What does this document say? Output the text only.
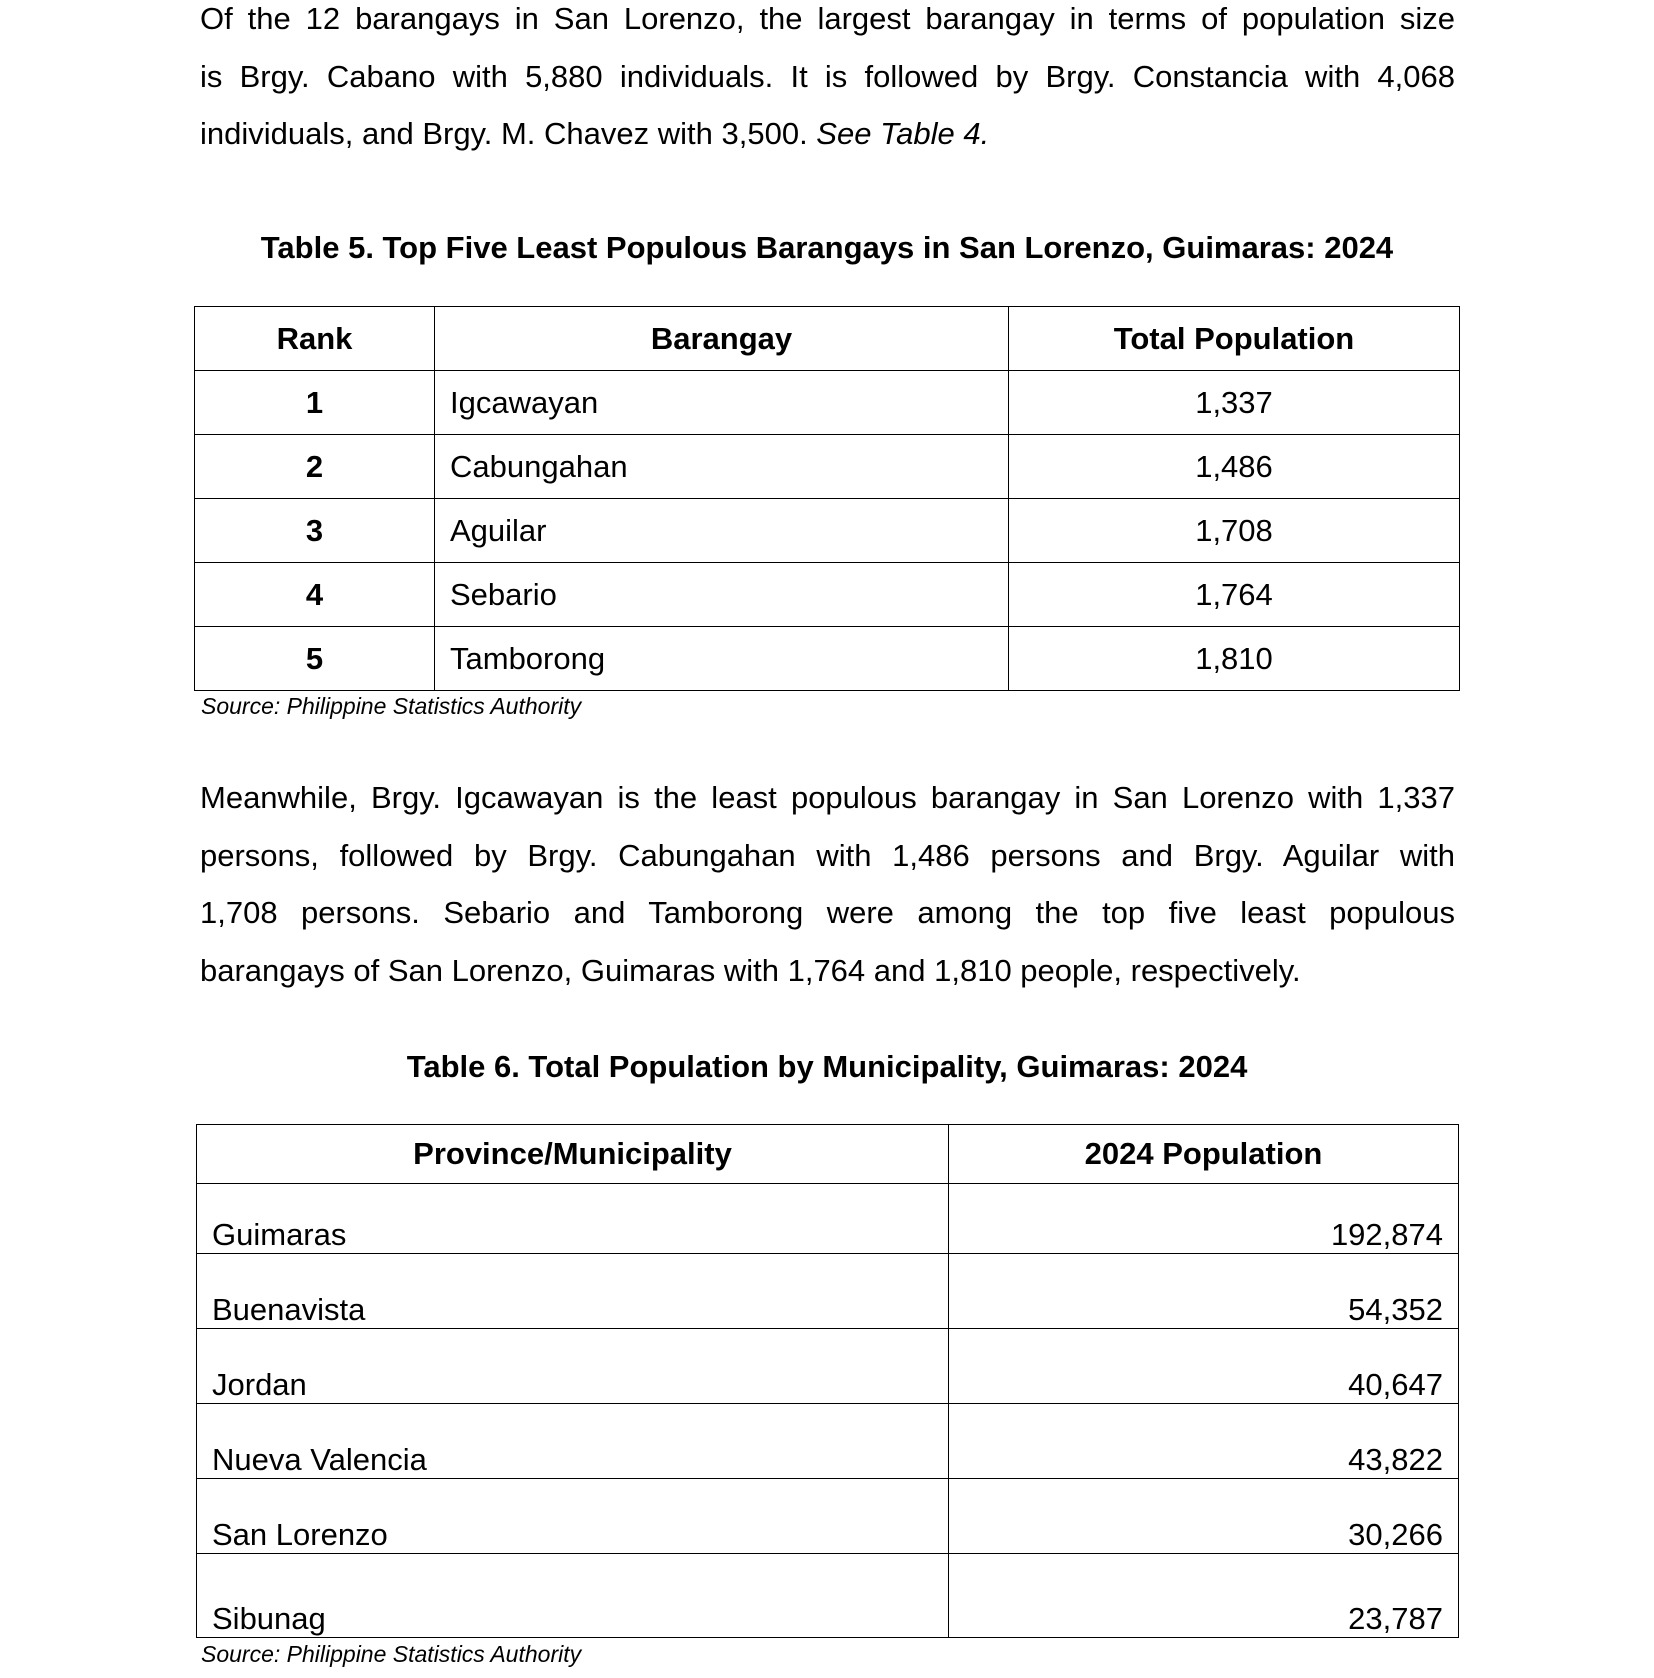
Of the 12 barangays in San Lorenzo, the largest barangay in terms of population size
is Brgy. Cabano with 5,880 individuals. It is followed by Brgy. Constancia with 4,068
individuals, and Brgy. M. Chavez with 3,500. See Table 4.
Table 5. Top Five Least Populous Barangays in San Lorenzo, Guimaras: 2024
Rank	Barangay	Total Population
1	Igcawayan	1,337
2	Cabungahan	1,486
3	Aguilar	1,708
4	Sebario	1,764
5	Tamborong	1,810
Source: Philippine Statistics Authority
Meanwhile, Brgy. Igcawayan is the least populous barangay in San Lorenzo with 1,337
persons, followed by Brgy. Cabungahan with 1,486 persons and Brgy. Aguilar with
1,708 persons. Sebario and Tamborong were among the top five least populous
barangays of San Lorenzo, Guimaras with 1,764 and 1,810 people, respectively.
Table 6. Total Population by Municipality, Guimaras: 2024
Province/Municipality	2024 Population
Guimaras	192,874
Buenavista	54,352
Jordan	40,647
Nueva Valencia	43,822
San Lorenzo	30,266
Sibunag	23,787
Source: Philippine Statistics Authority
